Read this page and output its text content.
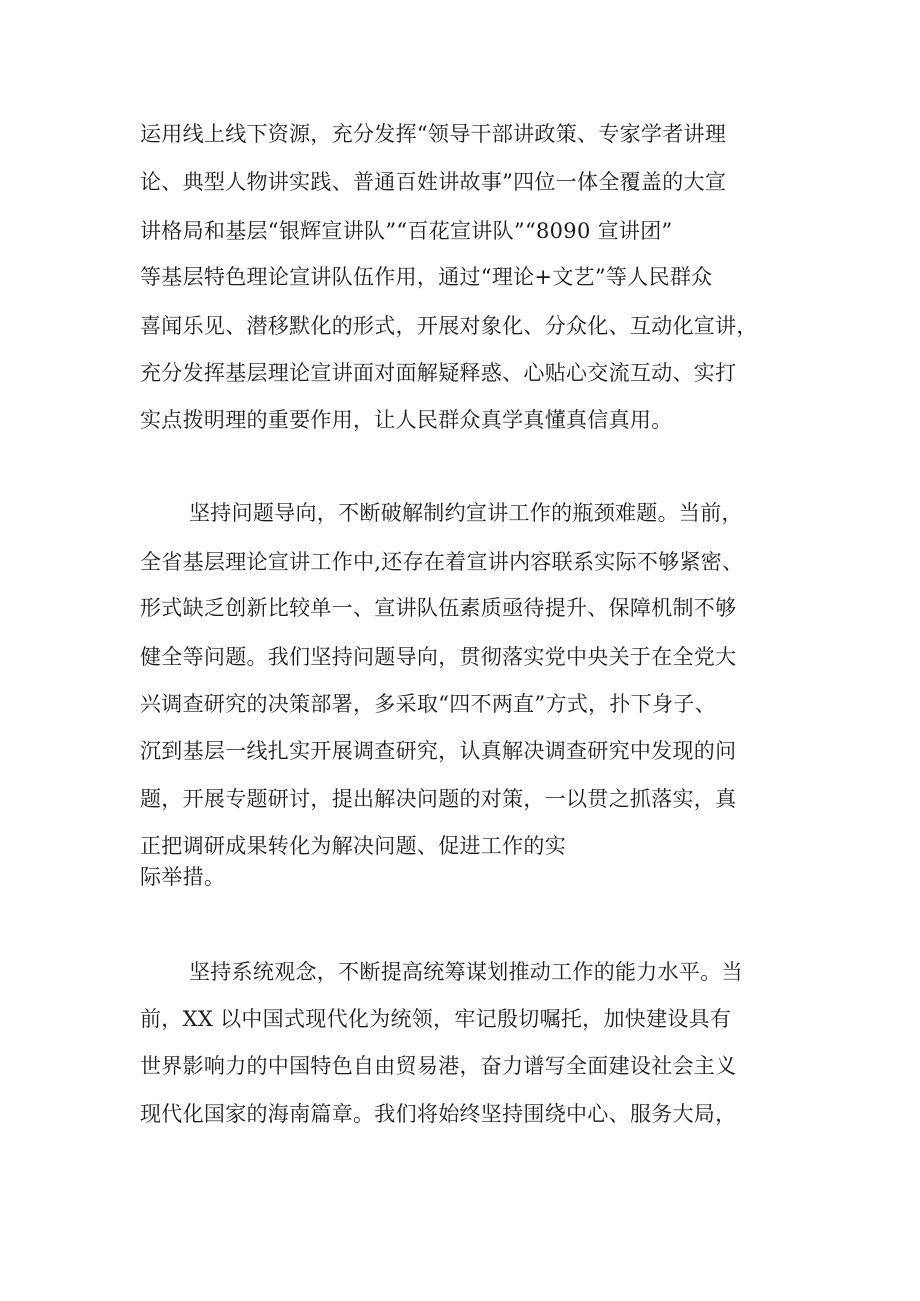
运用线上线下资源，充分发挥“领导干部讲政策、专家学者讲理
论、典型人物讲实践、普通百姓讲故事”四位一体全覆盖的大宣
讲格局和基层“银辉宣讲队”“百花宣讲队”“8090 宣讲团”
等基层特色理论宣讲队伍作用，通过“理论+文艺”等人民群众
喜闻乐见、潜移默化的形式，开展对象化、分众化、互动化宣讲，
充分发挥基层理论宣讲面对面解疑释惑、心贴心交流互动、实打
实点拨明理的重要作用，让人民群众真学真懂真信真用。
坚持问题导向，不断破解制约宣讲工作的瓶颈难题。当前，
全省基层理论宣讲工作中,还存在着宣讲内容联系实际不够紧密、
形式缺乏创新比较单一、宣讲队伍素质亟待提升、保障机制不够
健全等问题。我们坚持问题导向，贯彻落实党中央关于在全党大
兴调查研究的决策部署，多采取“四不两直”方式，扑下身子、
沉到基层一线扎实开展调查研究，认真解决调查研究中发现的问
题，开展专题研讨，提出解决问题的对策，一以贯之抓落实，真
正把调研成果转化为解决问题、促进工作的实
际举措。
坚持系统观念，不断提高统筹谋划推动工作的能力水平。当
前，XX 以中国式现代化为统领，牢记殷切嘱托，加快建设具有
世界影响力的中国特色自由贸易港，奋力谱写全面建设社会主义
现代化国家的海南篇章。我们将始终坚持围绕中心、服务大局，
